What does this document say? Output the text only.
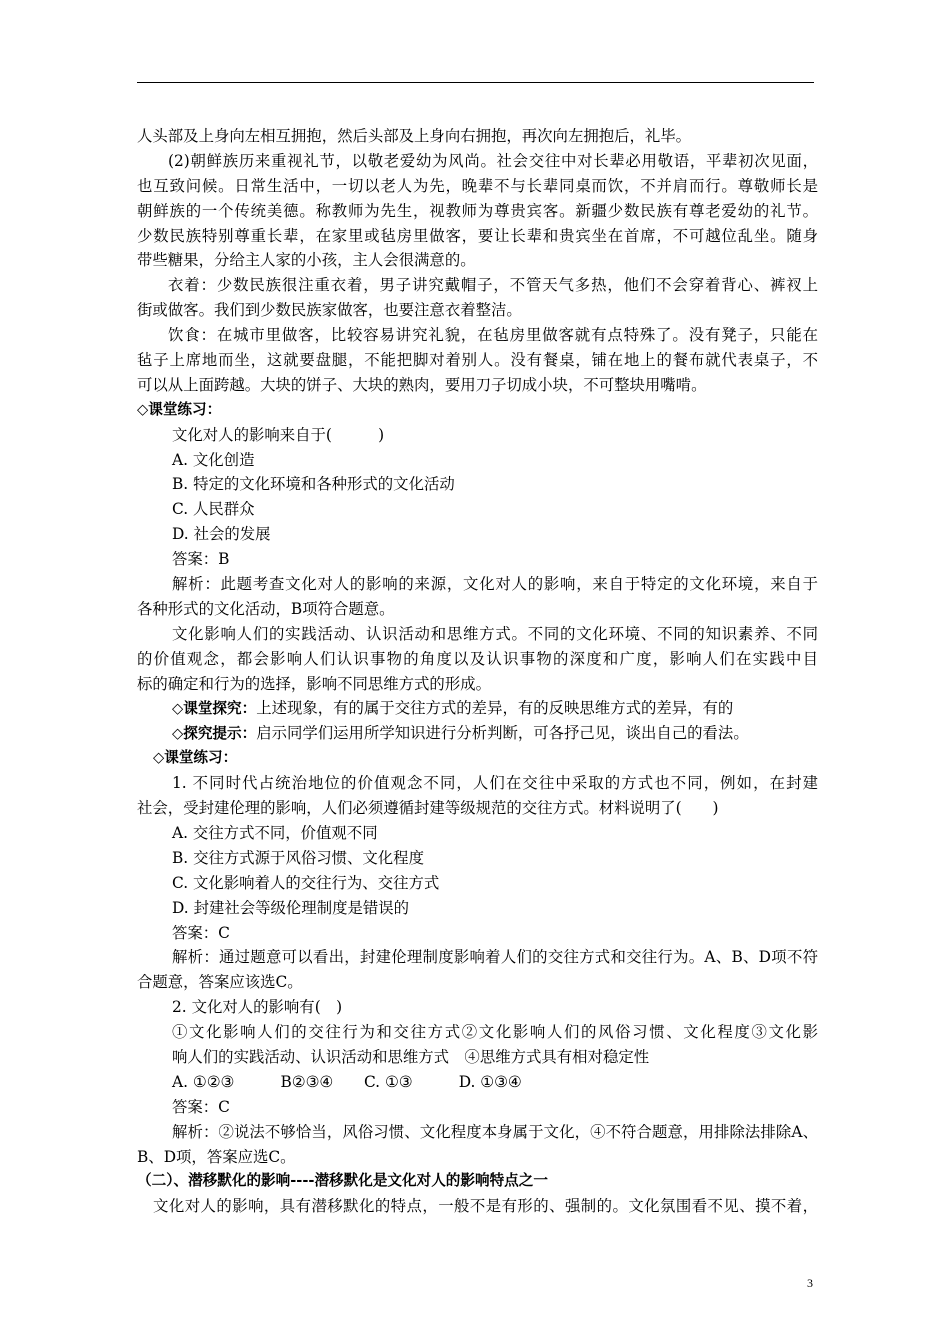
人头部及上身向左相互拥抱，然后头部及上身向右拥抱，再次向左拥抱后，礼毕。
(2)朝鲜族历来重视礼节，以敬老爱幼为风尚。社会交往中对长辈必用敬语，平辈初次见面，
也互致问候。日常生活中，一切以老人为先，晚辈不与长辈同桌而饮，不并肩而行。尊敬师长是
朝鲜族的一个传统美德。称教师为先生，视教师为尊贵宾客。新疆少数民族有尊老爱幼的礼节。
少数民族特别尊重长辈，在家里或毡房里做客，要让长辈和贵宾坐在首席，不可越位乱坐。随身
带些糖果，分给主人家的小孩，主人会很满意的。
衣着：少数民族很注重衣着，男子讲究戴帽子，不管天气多热，他们不会穿着背心、裤衩上
街或做客。我们到少数民族家做客，也要注意衣着整洁。
饮食：在城市里做客，比较容易讲究礼貌，在毡房里做客就有点特殊了。没有凳子，只能在
毡子上席地而坐，这就要盘腿，不能把脚对着别人。没有餐桌，铺在地上的餐布就代表桌子，不
可以从上面跨越。大块的饼子、大块的熟肉，要用刀子切成小块，不可整块用嘴啃。
◇课堂练习：
文化对人的影响来自于(　　　)
A. 文化创造
B. 特定的文化环境和各种形式的文化活动
C. 人民群众
D. 社会的发展
答案：B
解析：此题考查文化对人的影响的来源，文化对人的影响，来自于特定的文化环境，来自于
各种形式的文化活动，B项符合题意。
文化影响人们的实践活动、认识活动和思维方式。不同的文化环境、不同的知识素养、不同
的价值观念，都会影响人们认识事物的角度以及认识事物的深度和广度，影响人们在实践中目
标的确定和行为的选择，影响不同思维方式的形成。
◇课堂探究：上述现象，有的属于交往方式的差异，有的反映思维方式的差异，有的
◇探究提示：启示同学们运用所学知识进行分析判断，可各抒己见，谈出自己的看法。
◇课堂练习：
1. 不同时代占统治地位的价值观念不同，人们在交往中采取的方式也不同，例如，在封建
社会，受封建伦理的影响，人们必须遵循封建等级规范的交往方式。材料说明了(　　)
A. 交往方式不同，价值观不同
B. 交往方式源于风俗习惯、文化程度
C. 文化影响着人的交往行为、交往方式
D. 封建社会等级伦理制度是错误的
答案：C
解析：通过题意可以看出，封建伦理制度影响着人们的交往方式和交往行为。A、B、D项不符
合题意，答案应该选C。
2. 文化对人的影响有(　)
①文化影响人们的交往行为和交往方式②文化影响人们的风俗习惯、文化程度③文化影
响人们的实践活动、认识活动和思维方式　④思维方式具有相对稳定性
A. ①②③　　　B②③④　　C. ①③　　　D. ①③④
答案：C
解析：②说法不够恰当，风俗习惯、文化程度本身属于文化，④不符合题意，用排除法排除A、
B、D项，答案应选C。
（二）、潜移默化的影响----潜移默化是文化对人的影响特点之一
文化对人的影响，具有潜移默化的特点，一般不是有形的、强制的。文化氛围看不见、摸不着，
3
